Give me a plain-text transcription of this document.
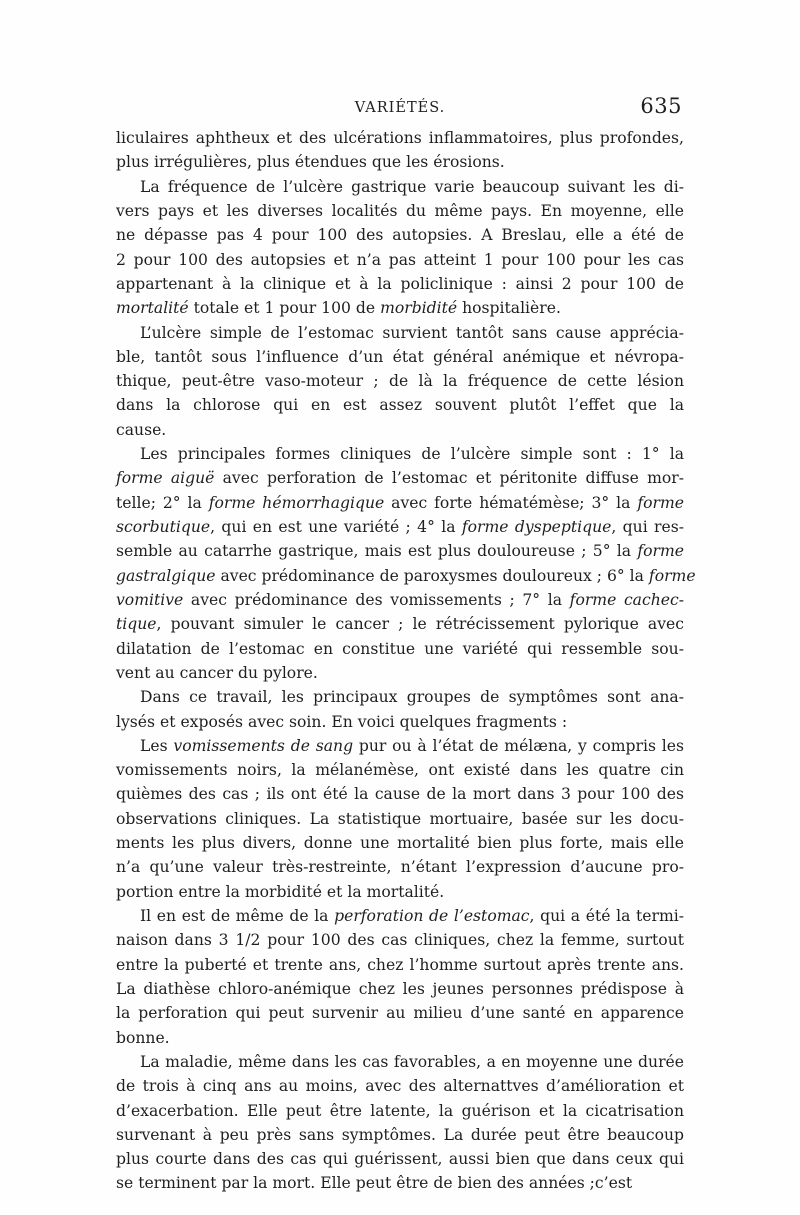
VARIÉTÉS.	635
liculaires aphtheux et des ulcérations inflammatoires, plus profondes,
plus irrégulières, plus étendues que les érosions.
La fréquence de l’ulcère gastrique varie beaucoup suivant les di-
vers pays et les diverses localités du même pays. En moyenne, elle
ne dépasse pas 4 pour 100 des autopsies. A Breslau, elle a été de
2 pour 100 des autopsies et n’a pas atteint 1 pour 100 pour les cas
appartenant à la clinique et à la policlinique : ainsi 2 pour 100 de
mortalité totale et 1 pour 100 de morbidité hospitalière.
L’ulcère simple de l’estomac survient tantôt sans cause apprécia-
ble, tantôt sous l’influence d’un état général anémique et névropa-
thique, peut-être vaso-moteur ; de là la fréquence de cette lésion
dans la chlorose qui en est assez souvent plutôt l’effet que la
cause.
Les principales formes cliniques de l’ulcère simple sont : 1° la
forme aiguë avec perforation de l’estomac et péritonite diffuse mor-
telle; 2° la forme hémorrhagique avec forte hématémèse; 3° la forme
scorbutique, qui en est une variété ; 4° la forme dyspeptique, qui res-
semble au catarrhe gastrique, mais est plus douloureuse ; 5° la forme
gastralgique avec prédominance de paroxysmes douloureux ; 6° la forme
vomitive avec prédominance des vomissements ; 7° la forme cachec-
tique, pouvant simuler le cancer ; le rétrécissement pylorique avec
dilatation de l’estomac en constitue une variété qui ressemble sou-
vent au cancer du pylore.
Dans ce travail, les principaux groupes de symptômes sont ana-
lysés et exposés avec soin. En voici quelques fragments :
Les vomissements de sang pur ou à l’état de mélæna, y compris les
vomissements noirs, la mélanémèse, ont existé dans les quatre cin
quièmes des cas ; ils ont été la cause de la mort dans 3 pour 100 des
observations cliniques. La statistique mortuaire, basée sur les docu-
ments les plus divers, donne une mortalité bien plus forte, mais elle
n’a qu’une valeur très-restreinte, n’étant l’expression d’aucune pro-
portion entre la morbidité et la mortalité.
Il en est de même de la perforation de l’estomac, qui a été la termi-
naison dans 3 1/2 pour 100 des cas cliniques, chez la femme, surtout
entre la puberté et trente ans, chez l’homme surtout après trente ans.
La diathèse chloro-anémique chez les jeunes personnes prédispose à
la perforation qui peut survenir au milieu d’une santé en apparence
bonne.
La maladie, même dans les cas favorables, a en moyenne une durée
de trois à cinq ans au moins, avec des alternattves d’amélioration et
d’exacerbation. Elle peut être latente, la guérison et la cicatrisation
survenant à peu près sans symptômes. La durée peut être beaucoup
plus courte dans des cas qui guérissent, aussi bien que dans ceux qui
se terminent par la mort. Elle peut être de bien des années ;c’est
